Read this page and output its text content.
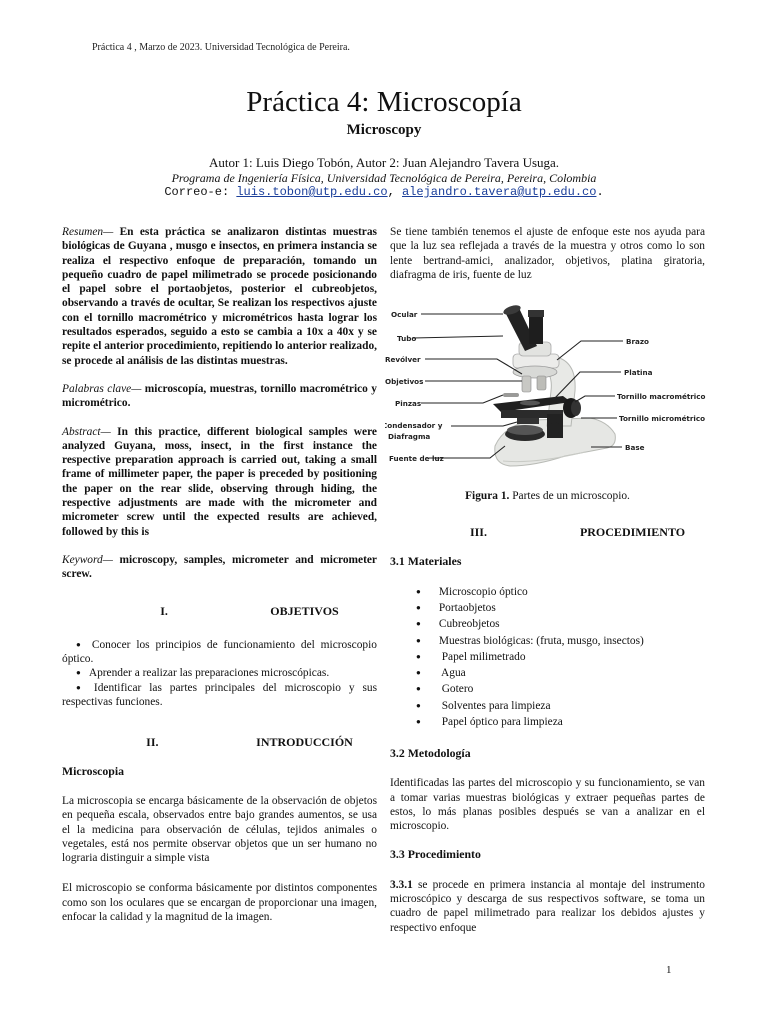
Práctica 4 , Marzo de 2023. Universidad Tecnológica de Pereira.
Práctica 4: Microscopía
Microscopy
Autor 1: Luis Diego Tobón, Autor 2: Juan Alejandro Tavera Usuga.
Programa de Ingeniería Física, Universidad Tecnológica de Pereira, Pereira, Colombia
Correo-e: luis.tobon@utp.edu.co, alejandro.tavera@utp.edu.co.

Resumen— En esta práctica se analizaron distintas muestras biológicas de Guyana , musgo e insectos, en primera instancia se realiza el respectivo enfoque de preparación, tomando un pequeño cuadro de papel milimetrado se procede posicionando el papel sobre el portaobjetos, posterior el cubreobjetos, observando a través de ocultar, Se realizan los respectivos ajuste con el tornillo macrométrico y micrométricos hasta lograr los resultados esperados, seguido a esto se cambia a 10x a 40x y se repite el anterior procedimiento, repitiendo lo anterior realizado, se procede al análisis de las distintas muestras.

Palabras clave— microscopía, muestras, tornillo macrométrico y micrométrico.

Abstract— In this practice, different biological samples were analyzed Guyana, moss, insect, in the first instance the respective preparation approach is carried out, taking a small frame of millimeter paper, the paper is preceded by positioning the paper on the rear slide, observing through hiding, the respective adjustments are made with the micrometer and micrometer screw until the expected results are achieved, followed by this is

Keyword— microscopy, samples, micrometer and micrometer screw.

I.	OBJETIVOS
● Conocer los principios de funcionamiento del microscopio óptico.
● Aprender a realizar las preparaciones microscópicas.
● Identificar las partes principales del microscopio y sus respectivas funciones.
II.	INTRODUCCIÓN
Microscopia

La microscopia se encarga básicamente de la observación de objetos en pequeña escala, observados entre bajo grandes aumentos, se usa el la medicina para observación de células, tejidos animales o vegetales, está nos permite observar objetos que un ser humano no lograria distinguir a simple vista

El microscopio se conforma básicamente por distintos componentes como son los oculares que se encargan de proporcionar una imagen, enfocar la calidad y la magnitud de la imagen.

Se tiene también tenemos el ajuste de enfoque este nos ayuda para que la luz sea reflejada a través de la muestra y otros como lo son lente bertrand-amici, analizador, objetivos, platina giratoria, diafragma de iris, fuente de luz

Ocular
Tubo
Revólver
Objetivos
Pinzas
Condensador y
Diafragma
Fuente de luz
Brazo
Platina
Tornillo macrométrico
Tornillo micrométrico
Base
Figura 1. Partes de un microscopio.
III.	PROCEDIMIENTO
3.1 Materiales
● Microscopio óptico
● Portaobjetos
● Cubreobjetos
● Muestras biológicas: (fruta, musgo, insectos)
● Papel milimetrado
● Agua
● Gotero
● Solventes para limpieza
● Papel óptico para limpieza
3.2 Metodología

Identificadas las partes del microscopio y su funcionamiento, se van a tomar varias muestras biológicas y extraer pequeñas partes de estos, lo más planas posibles después se van a analizar en el microscopio.

3.3 Procedimiento

3.3.1 se procede en primera instancia al montaje del instrumento microscópico y descarga de sus respectivos software, se toma un cuadro de papel milimetrado para realizar los debidos ajustes y respectivo enfoque

1
